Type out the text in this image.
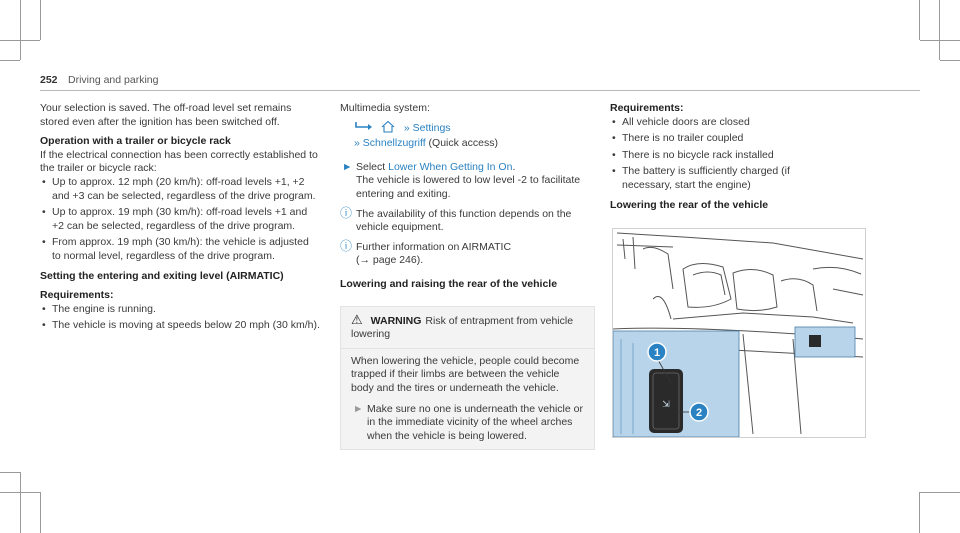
252 Driving and parking

Your selection is saved. The off-road level set remains stored even after the ignition has been switched off.

Operation with a trailer or bicycle rack

If the electrical connection has been correctly established to the trailer or bicycle rack:

• Up to approx. 12 mph (20 km/h): off-road levels +1, +2 and +3 can be selected, regardless of the drive program.
• Up to approx. 19 mph (30 km/h): off-road levels +1 and +2 can be selected, regardless of the drive program.
• From approx. 19 mph (30 km/h): the vehicle is adjusted to normal level, regardless of the drive program.

Setting the entering and exiting level (AIRMATIC)

Requirements:

• The engine is running.
• The vehicle is moving at speeds below 20 mph (30 km/h).

Multimedia system:

» Settings

» Schnellzugriff (Quick access)

► Select Lower When Getting In On.

The vehicle is lowered to low level -2 to facilitate entering and exiting.

ⓘ The availability of this function depends on the vehicle equipment.
ⓘ Further information on AIRMATIC
(→ page 246).

Lowering and raising the rear of the vehicle

⚠ WARNING Risk of entrapment from vehicle lowering

When lowering the vehicle, people could become trapped if their limbs are between the vehicle body and the tires or underneath the vehicle.

► Make sure no one is underneath the vehicle or in the immediate vicinity of the wheel arches when the vehicle is being lowered.

Requirements:

• All vehicle doors are closed
• There is no trailer coupled
• There is no bicycle rack installed
• The battery is sufficiently charged (if necessary, start the engine)

Lowering the rear of the vehicle

⇲
1
2
